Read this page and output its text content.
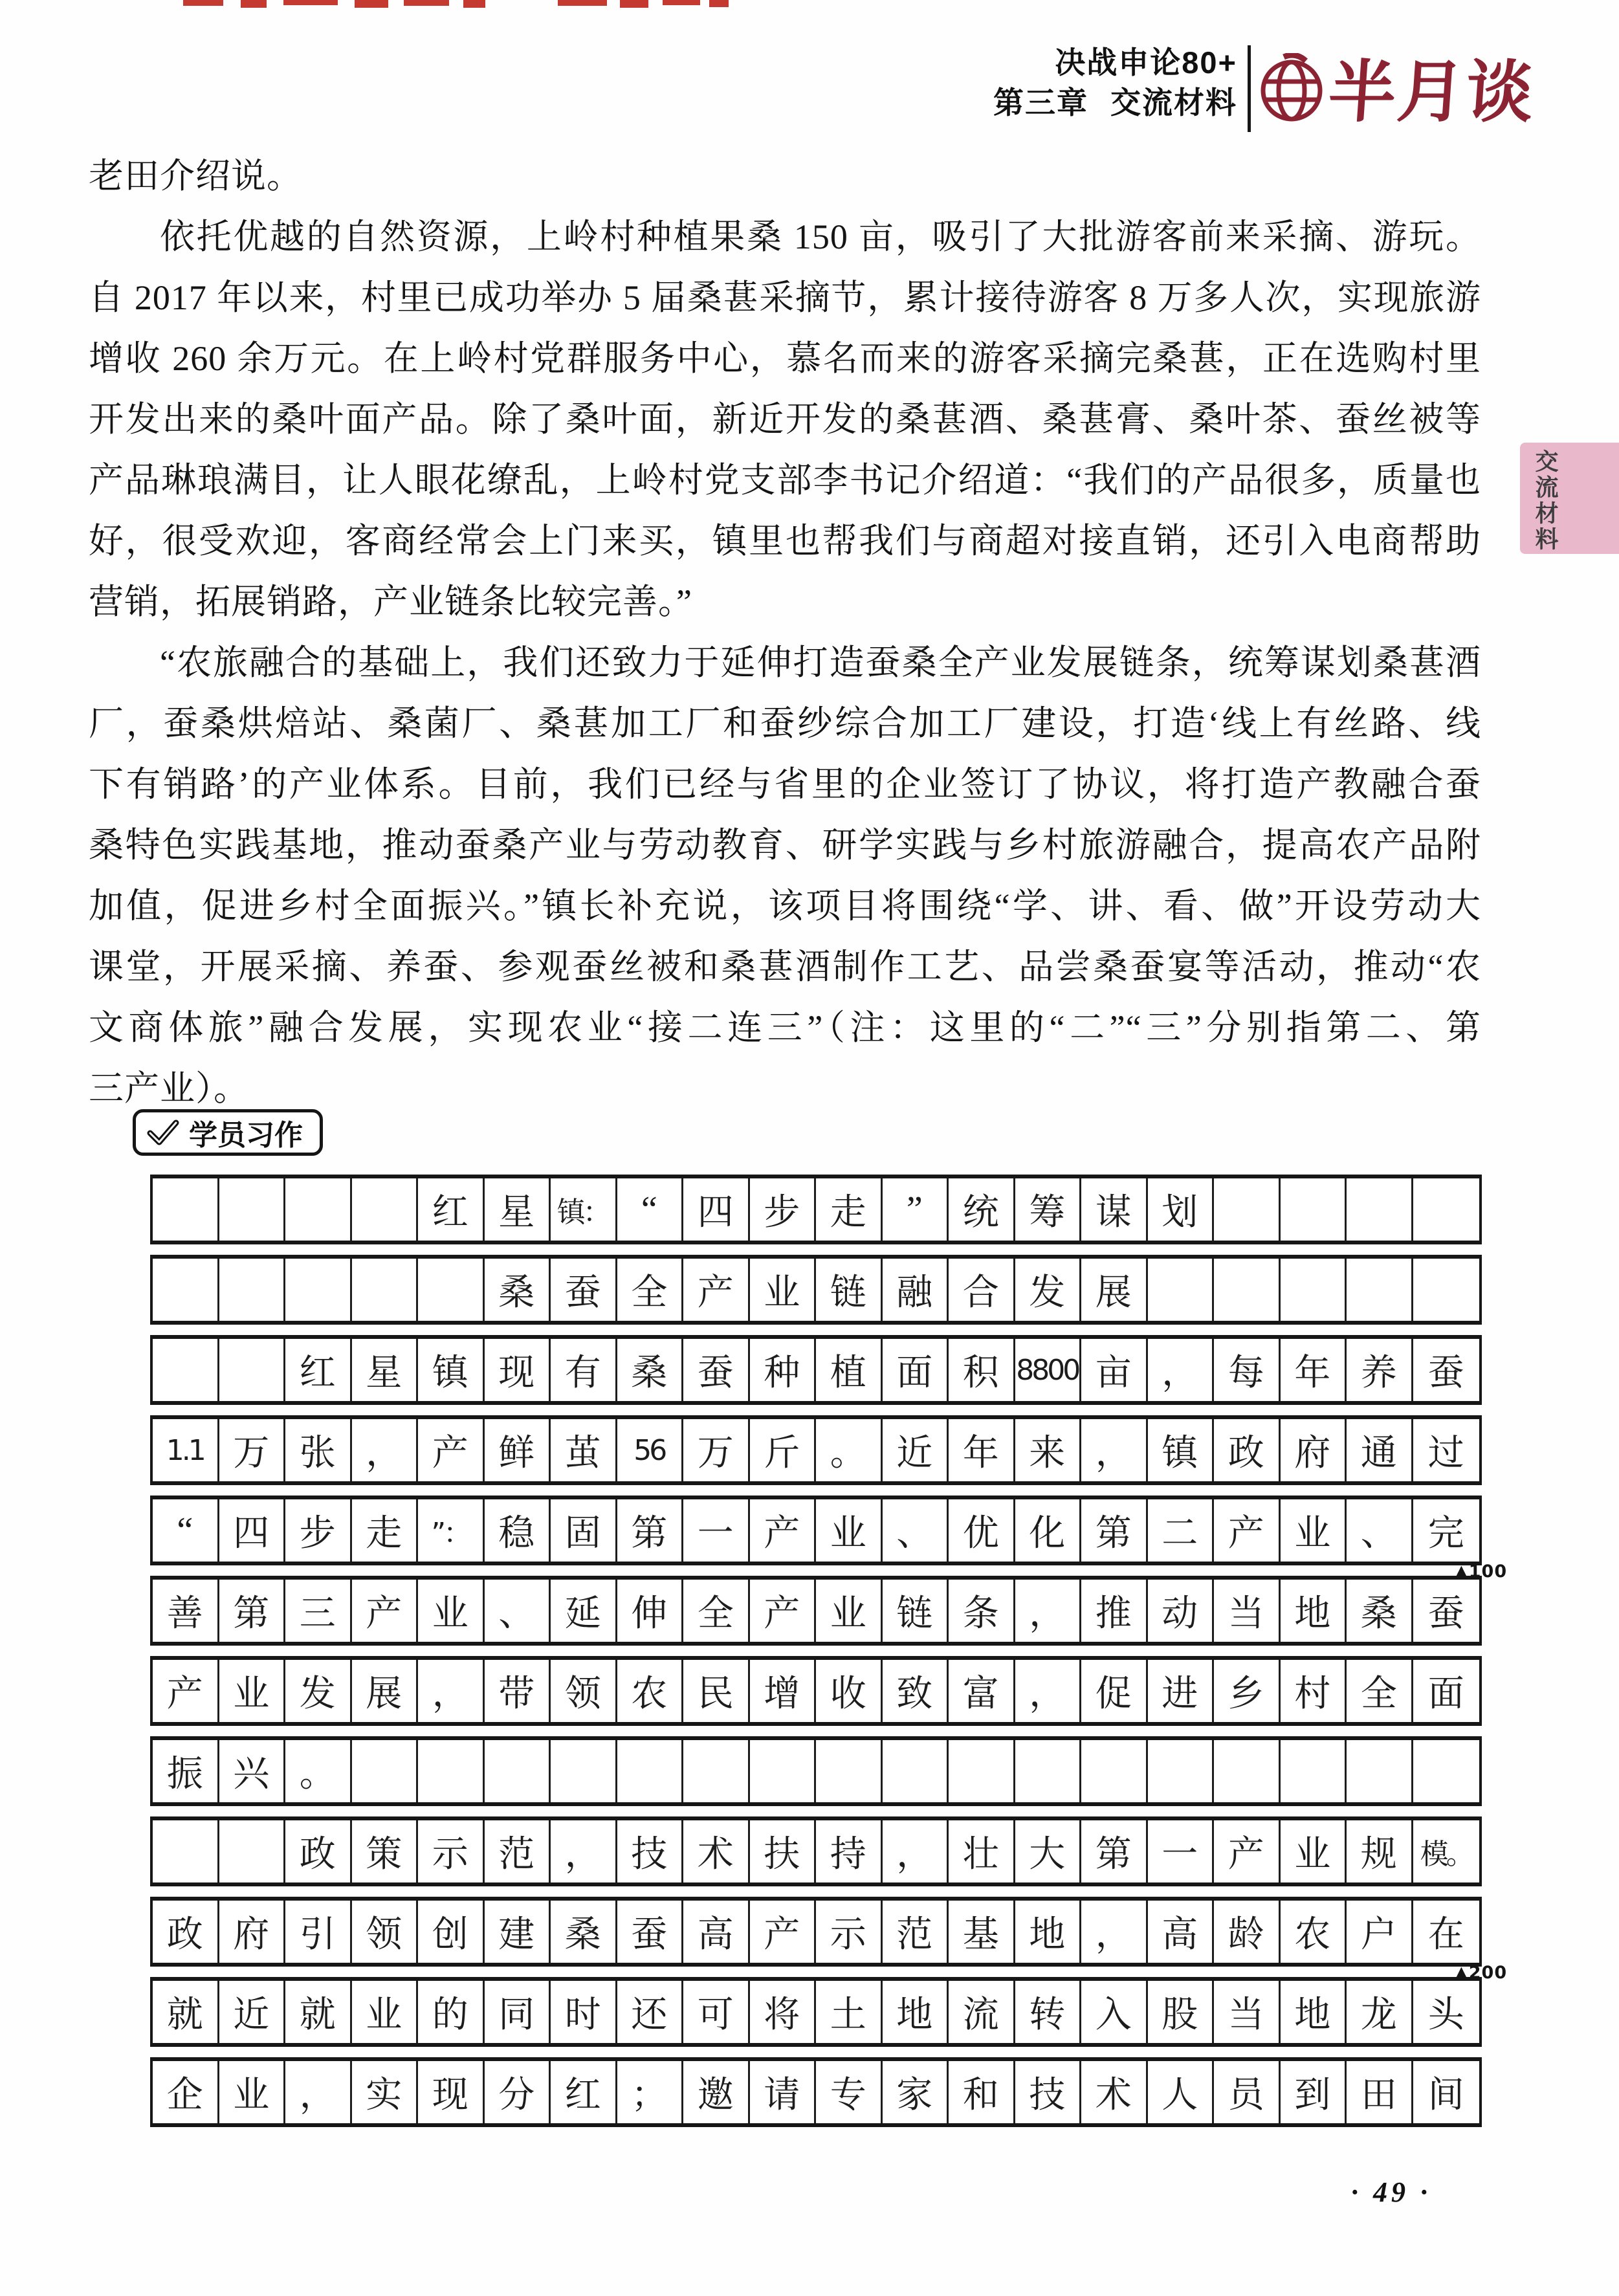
决战申论80+
第三章 交流材料 半月谈
交流材料
老田介绍说。
依托优越的自然资源，上岭村种植果桑 150 亩，吸引了大批游客前来采摘、游玩。
自 2017 年以来，村里已成功举办 5 届桑葚采摘节，累计接待游客 8 万多人次，实现旅游
增收 260 余万元。在上岭村党群服务中心，慕名而来的游客采摘完桑葚，正在选购村里
开发出来的桑叶面产品。除了桑叶面，新近开发的桑葚酒、桑葚膏、桑叶茶、蚕丝被等
产品琳琅满目，让人眼花缭乱，上岭村党支部李书记介绍道：“我们的产品很多，质量也
好，很受欢迎，客商经常会上门来买，镇里也帮我们与商超对接直销，还引入电商帮助
营销，拓展销路，产业链条比较完善。”
“农旅融合的基础上，我们还致力于延伸打造蚕桑全产业发展链条，统筹谋划桑葚酒
厂，蚕桑烘焙站、桑菌厂、桑葚加工厂和蚕纱综合加工厂建设，打造‘线上有丝路、线
下有销路’的产业体系。目前，我们已经与省里的企业签订了协议，将打造产教融合蚕
桑特色实践基地，推动蚕桑产业与劳动教育、研学实践与乡村旅游融合，提高农产品附
加值，促进乡村全面振兴。”镇长补充说，该项目将围绕“学、讲、看、做”开设劳动大
课堂，开展采摘、养蚕、参观蚕丝被和桑葚酒制作工艺、品尝桑蚕宴等活动，推动“农
文商体旅”融合发展，实现农业“接二连三”（注：这里的“二”“三”分别指第二、第
三产业）。
学员习作
红 星 镇： “	四 步 走	”	统 筹 谋 划
桑 蚕 全 产 业 链 融 合 发 展
红 星 镇 现 有 桑 蚕 种 植 面 积 8800 亩 ， 每 年 养 蚕
1.1 万 张 ， 产 鲜 茧	56 万 斤 。 近 年 来 ， 镇 政 府 通 过
“	四 步 走	”： 稳 固 第 一 产 业 、 优 化 第 二 产 业 、 完
善 第 三 产 业 、 延 伸 全 产 业 链 条 ， 推 动 当 地 桑 蚕
产 业 发 展 ， 带 领 农 民 增 收 致 富 ， 促 进 乡 村 全 面
振 兴 。
政 策 示 范 ， 技 术 扶 持 ， 壮 大 第 一 产 业 规 模。
政 府 引 领 创 建 桑 蚕 高 产 示 范 基 地 ， 高 龄 农 户 在
就 近 就 业 的 同 时 还 可 将 土 地 流 转 入 股 当 地 龙 头
企 业 ， 实 现 分 红 ； 邀 请 专 家 和 技 术 人 员 到 田 间
▲100
▲200
· 49 ·
